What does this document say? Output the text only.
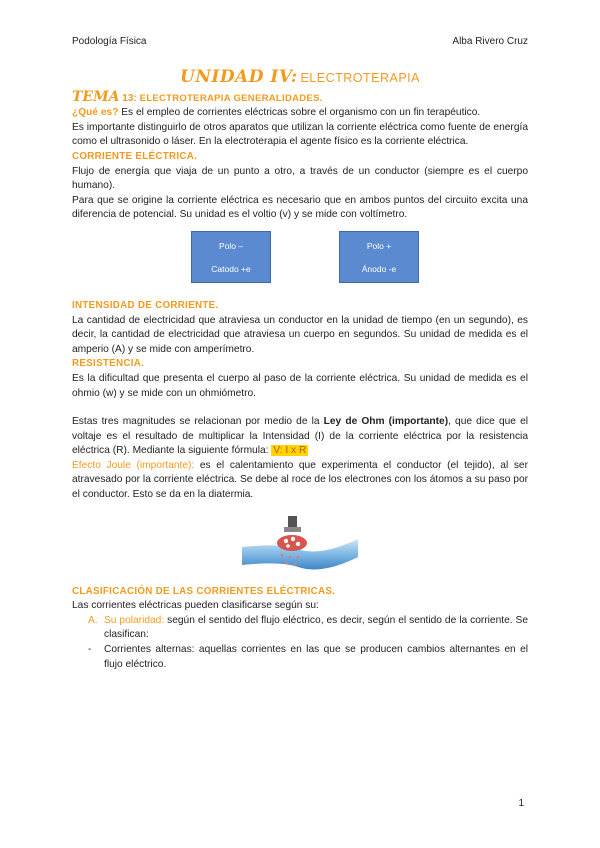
Podología Física	Alba Rivero Cruz
UNIDAD IV: ELECTROTERAPIA
TEMA 13: ELECTROTERAPIA GENERALIDADES.

¿Qué es? Es el empleo de corrientes eléctricas sobre el organismo con un fin terapéutico.

Es importante distinguirlo de otros aparatos que utilizan la corriente eléctrica como fuente de energía como el ultrasonido o láser. En la electroterapia el agente físico es la corriente eléctrica.

CORRIENTE ELÉCTRICA.

Flujo de energía que viaja de un punto a otro, a través de un conductor (siempre es el cuerpo humano).

Para que se origine la corriente eléctrica es necesario que en ambos puntos del circuito excita una diferencia de potencial. Su unidad es el voltio (v) y se mide con voltímetro.

Polo –
Catodo +e
Polo +
Ánodo -e
INTENSIDAD DE CORRIENTE.

La cantidad de electricidad que atraviesa un conductor en la unidad de tiempo (en un segundo), es decir, la cantidad de electricidad que atraviesa un cuerpo en segundos. Su unidad de medida es el amperio (A) y se mide con amperímetro.

RESISTENCIA.

Es la dificultad que presenta el cuerpo al paso de la corriente eléctrica. Su unidad de medida es el ohmio (w) y se mide con un ohmiómetro.

Estas tres magnitudes se relacionan por medio de la Ley de Ohm (importante), que dice que el voltaje es el resultado de multiplicar la Intensidad (I) de la corriente eléctrica por la resistencia eléctrica (R). Mediante la siguiente fórmula: V: I x R

Efecto Joule (importante): es el calentamiento que experimenta el conductor (el tejido), al ser atravesado por la corriente eléctrica. Se debe al roce de los electrones con los átomos a su paso por el conductor. Esto se da en la diatermia.

CLASIFICACIÓN DE LAS CORRIENTES ELÉCTRICAS.

Las corrientes eléctricas pueden clasificarse según su:

A. Su polaridad: según el sentido del flujo eléctrico, es decir, según el sentido de la corriente. Se clasifican:
- Corrientes alternas: aquellas corrientes en las que se producen cambios alternantes en el flujo eléctrico.
1
